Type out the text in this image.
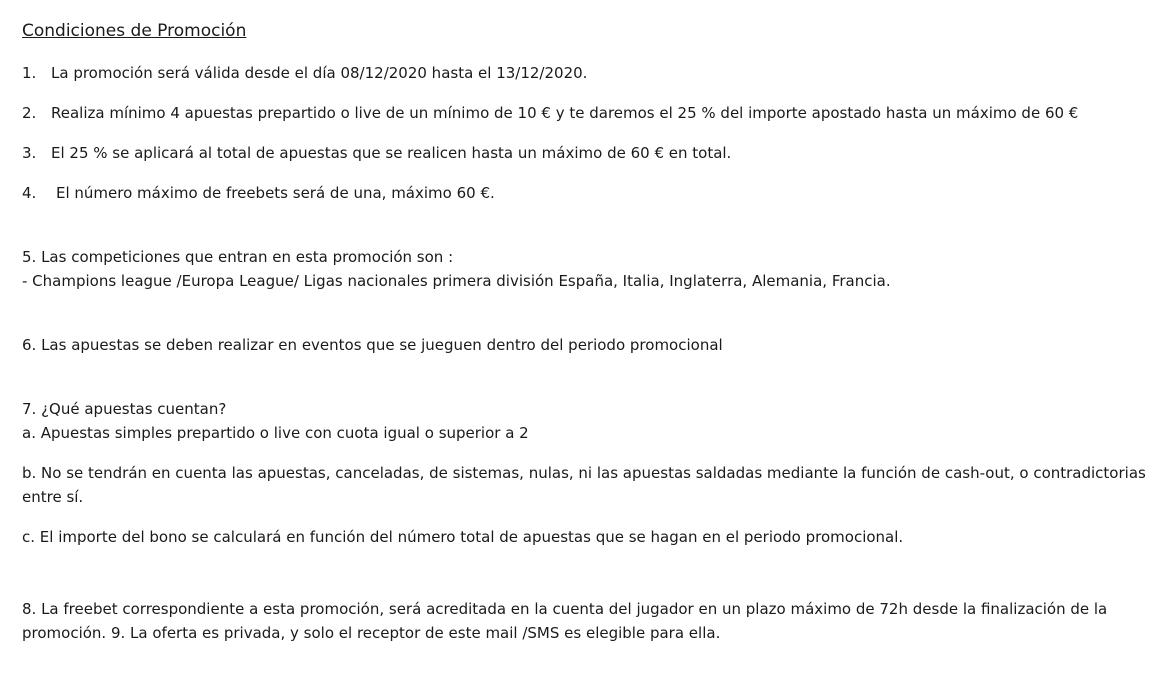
Condiciones de Promoción
1. La promoción será válida desde el día 08/12/2020 hasta el 13/12/2020.
2. Realiza mínimo 4 apuestas prepartido o live de un mínimo de 10 € y te daremos el 25 % del importe apostado hasta un máximo de 60 €
3. El 25 % se aplicará al total de apuestas que se realicen hasta un máximo de 60 € en total.
4.	El número máximo de freebets será de una, máximo 60 €.
5. Las competiciones que entran en esta promoción son :
- Champions league /Europa League/ Ligas nacionales primera división España, Italia, Inglaterra, Alemania, Francia.
6. Las apuestas se deben realizar en eventos que se jueguen dentro del periodo promocional
7. ¿Qué apuestas cuentan?
a. Apuestas simples prepartido o live con cuota igual o superior a 2
b. No se tendrán en cuenta las apuestas, canceladas, de sistemas, nulas, ni las apuestas saldadas mediante la función de cash-out, o contradictorias
entre sí.
c. El importe del bono se calculará en función del número total de apuestas que se hagan en el periodo promocional.
8. La freebet correspondiente a esta promoción, será acreditada en la cuenta del jugador en un plazo máximo de 72h desde la finalización de la
promoción. 9. La oferta es privada, y solo el receptor de este mail /SMS es elegible para ella.
